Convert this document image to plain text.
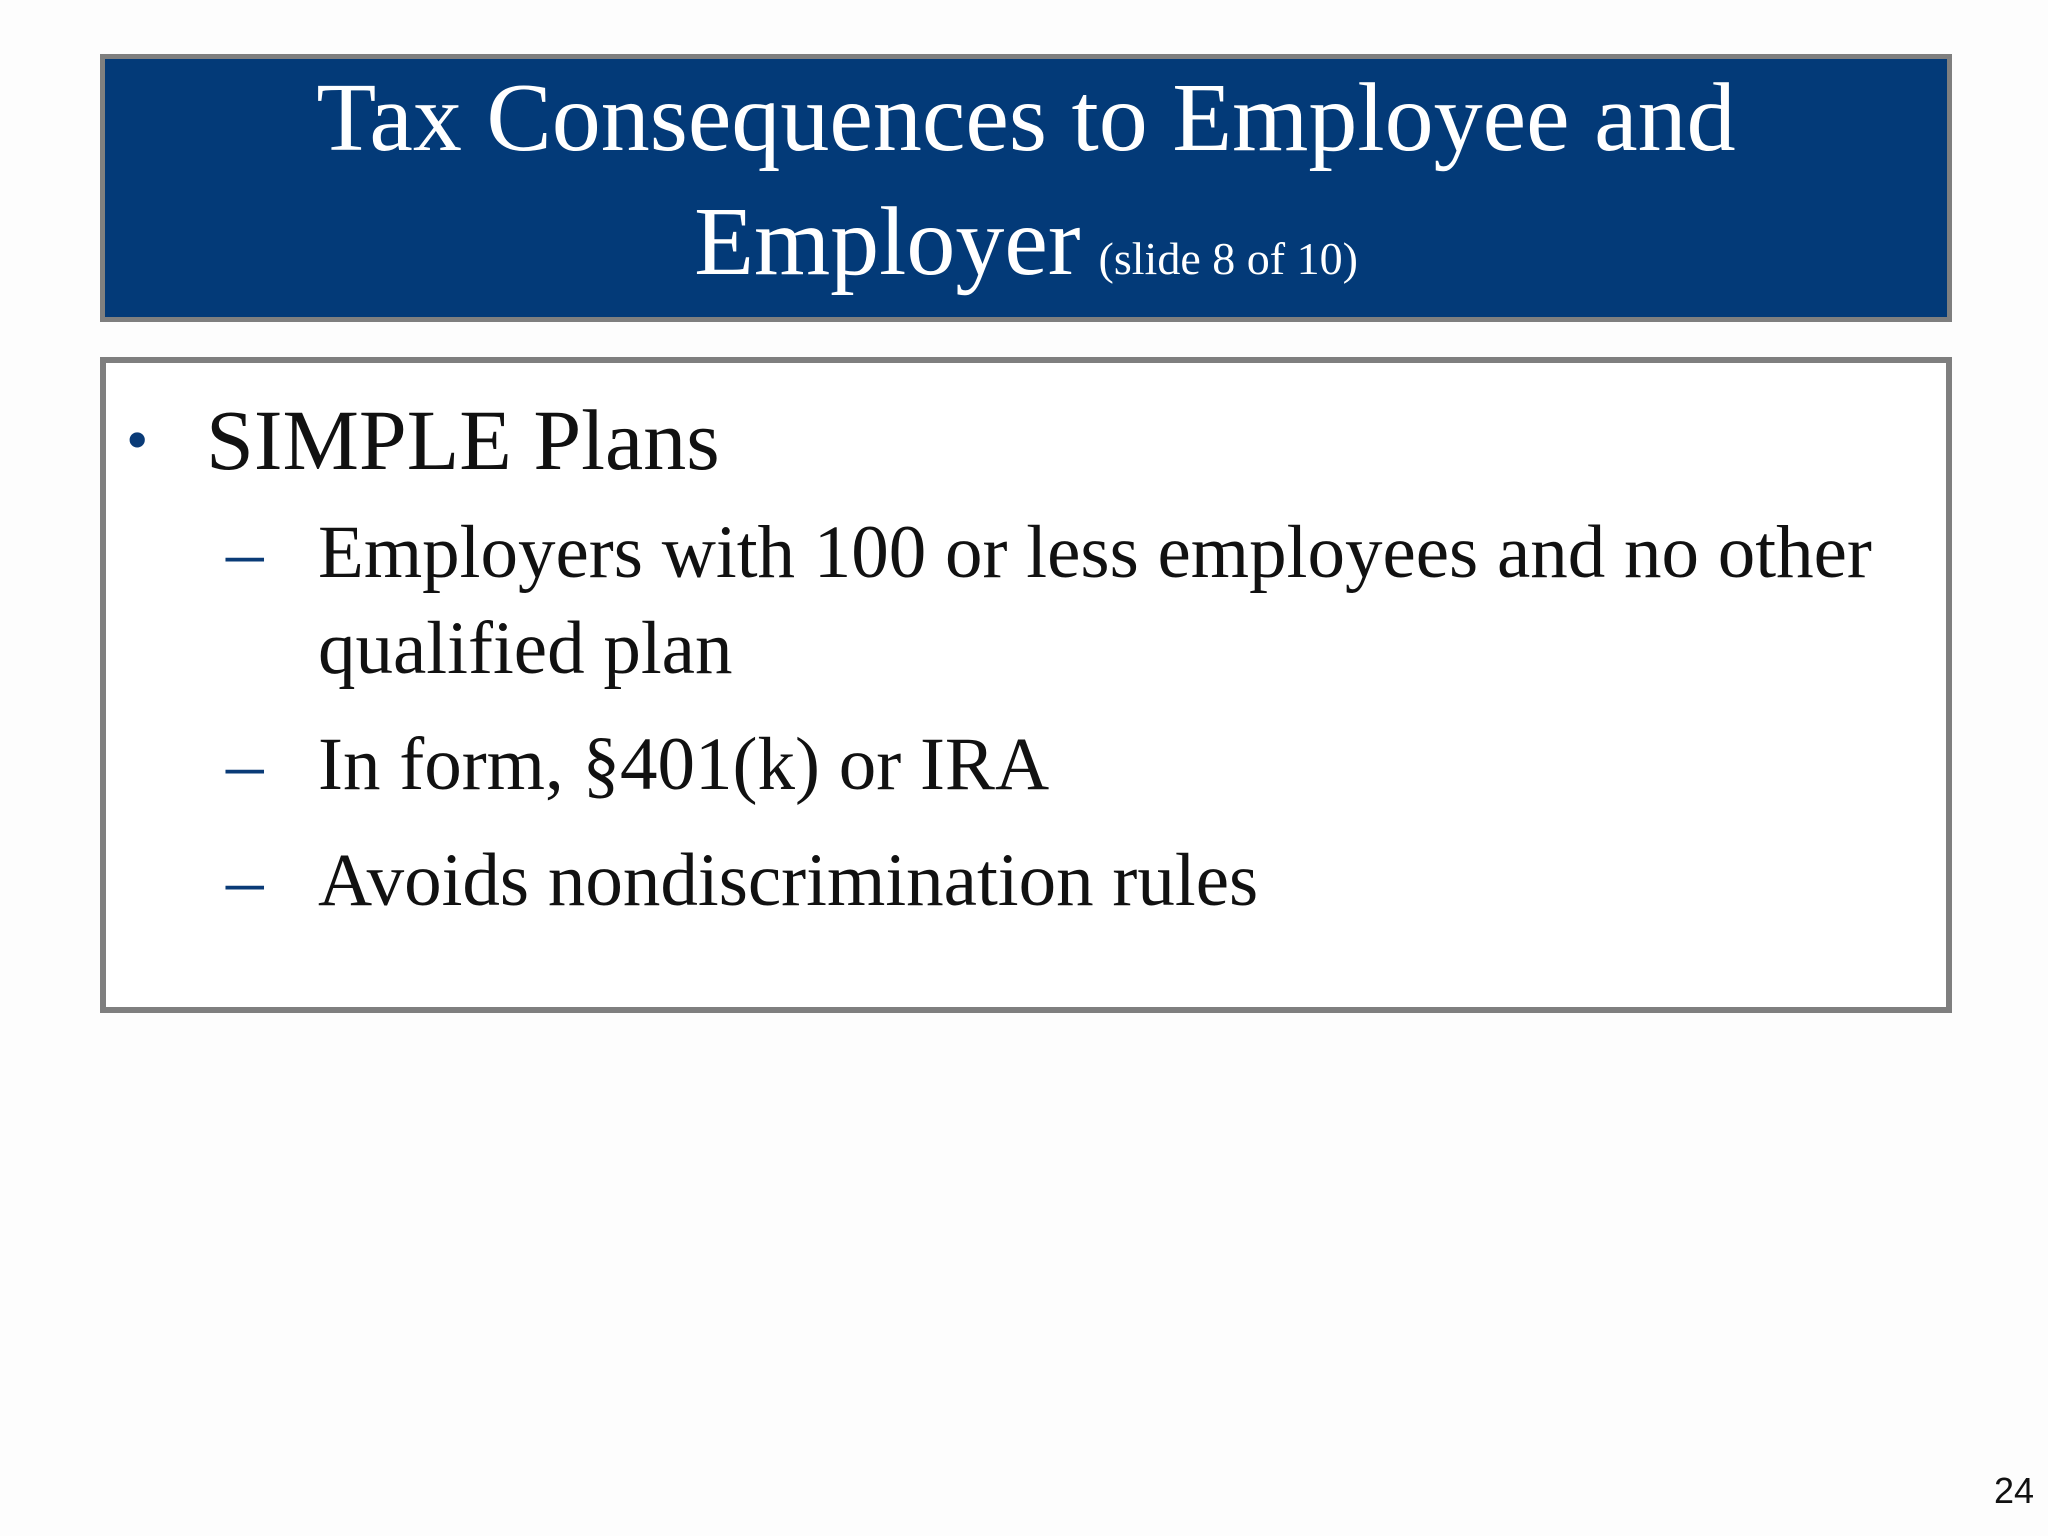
Tax Consequences to Employee and
Employer (slide 8 of 10)
• SIMPLE Plans
– Employers with 100 or less employees and no other qualified plan
– In form, §401(k) or IRA
– Avoids nondiscrimination rules
24
